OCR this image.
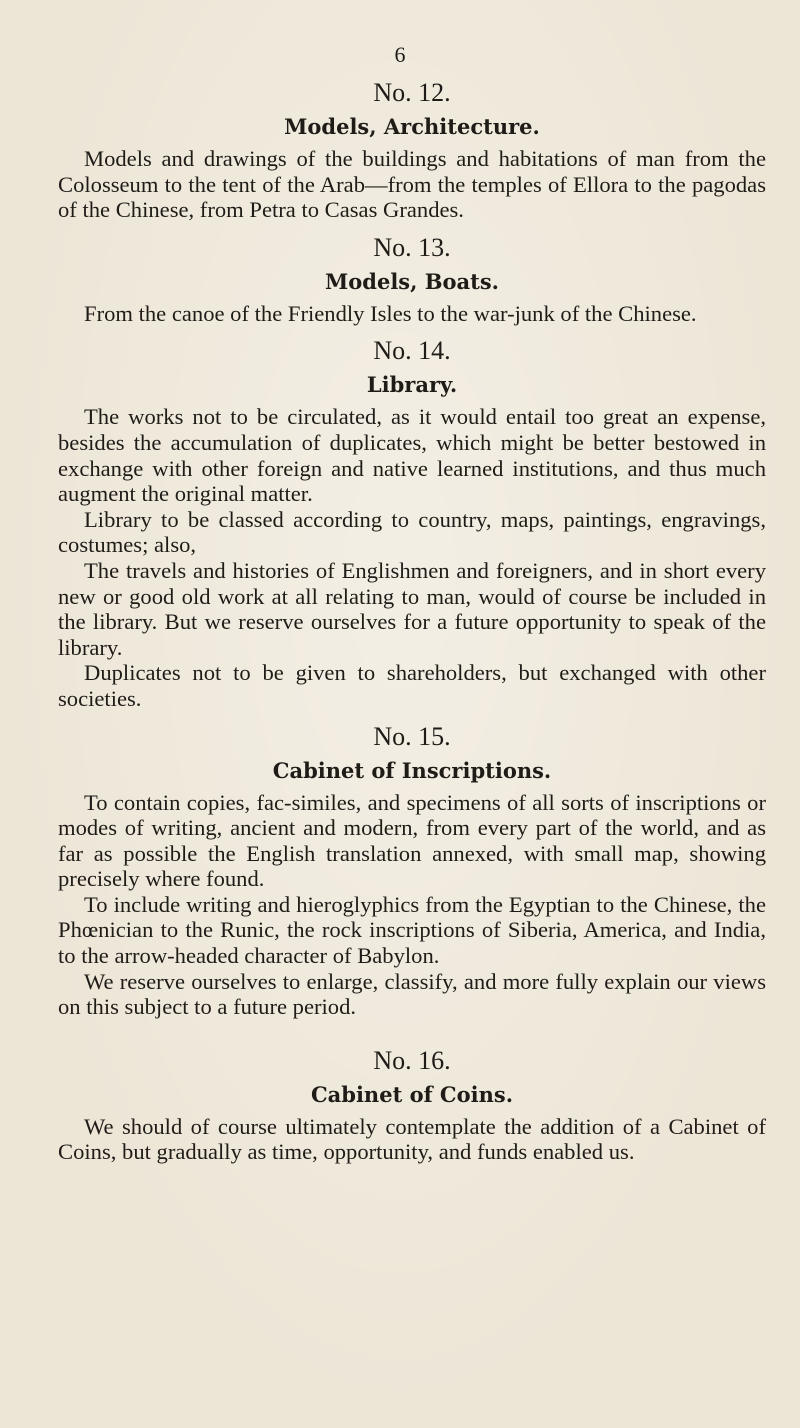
6

No. 12.

Models, Architecture.

Models and drawings of the buildings and habitations of man from the Colosseum to the tent of the Arab—from the temples of Ellora to the pagodas of the Chinese, from Petra to Casas Grandes.

No. 13.

Models, Boats.

From the canoe of the Friendly Isles to the war-junk of the Chinese.

No. 14.

Library.

The works not to be circulated, as it would entail too great an expense, besides the accumulation of duplicates, which might be better bestowed in exchange with other foreign and native learned institutions, and thus much augment the original matter.

Library to be classed according to country, maps, paintings, engravings, costumes; also,

The travels and histories of Englishmen and foreigners, and in short every new or good old work at all relating to man, would of course be included in the library. But we reserve ourselves for a future opportunity to speak of the library.

Duplicates not to be given to shareholders, but exchanged with other societies.

No. 15.

Cabinet of Inscriptions.

To contain copies, fac-similes, and specimens of all sorts of inscriptions or modes of writing, ancient and modern, from every part of the world, and as far as possible the English translation annexed, with small map, showing precisely where found.

To include writing and hieroglyphics from the Egyptian to the Chinese, the Phœnician to the Runic, the rock inscriptions of Siberia, America, and India, to the arrow-headed character of Babylon.

We reserve ourselves to enlarge, classify, and more fully explain our views on this subject to a future period.

No. 16.

Cabinet of Coins.

We should of course ultimately contemplate the addition of a Cabinet of Coins, but gradually as time, opportunity, and funds enabled us.
